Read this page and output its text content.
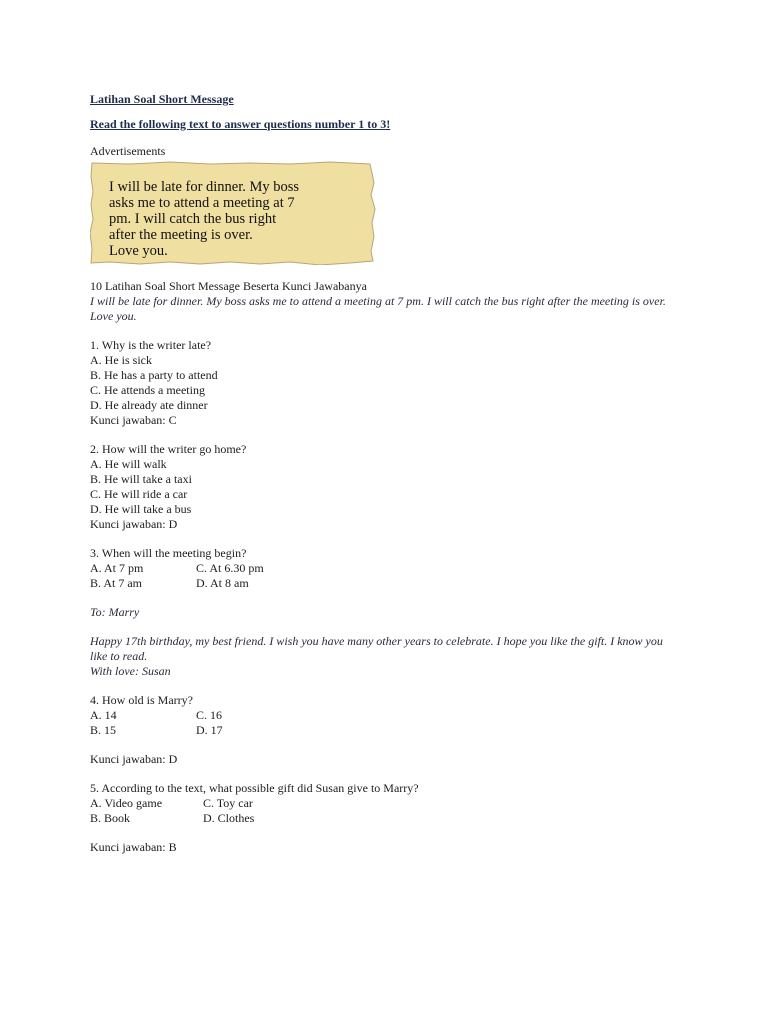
Latihan Soal Short Message

Read the following text to answer questions number 1 to 3!

Advertisements
I will be late for dinner. My boss
asks me to attend a meeting at 7
pm. I will catch the bus right
after the meeting is over.
Love you.
10 Latihan Soal Short Message Beserta Kunci Jawabanya
I will be late for dinner. My boss asks me to attend a meeting at 7 pm. I will catch the bus right after the meeting is over. Love you.
1. Why is the writer late?
A. He is sick
B. He has a party to attend
C. He attends a meeting
D. He already ate dinner
Kunci jawaban: C
2. How will the writer go home?
A. He will walk
B. He will take a taxi
C. He will ride a car
D. He will take a bus
Kunci jawaban: D
3. When will the meeting begin?
A. At 7 pm	C. At 6.30 pm
B. At 7 am	D. At 8 am
To: Marry
Happy 17th birthday, my best friend. I wish you have many other years to celebrate. I hope you like the gift. I know you like to read.
With love: Susan
4. How old is Marry?
A. 14	C. 16
B. 15	D. 17
Kunci jawaban: D
5. According to the text, what possible gift did Susan give to Marry?
A. Video game	C. Toy car
B. Book	D. Clothes
Kunci jawaban: B
